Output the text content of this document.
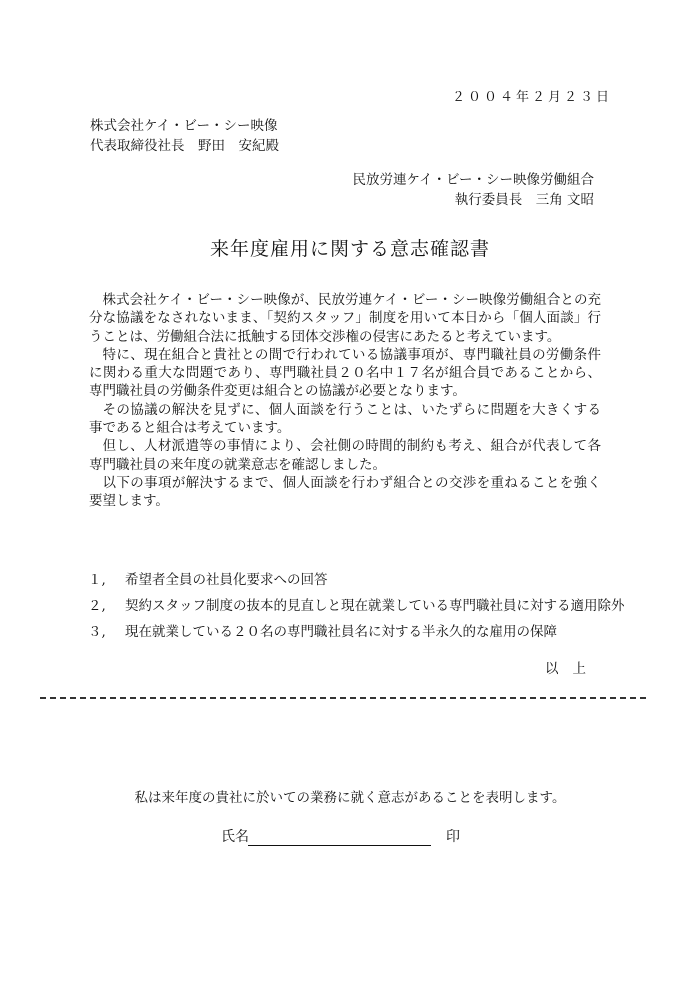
２００４年２月２３日
株式会社ケイ・ビー・シー映像
代表取締役社長　野田　安紀殿
民放労連ケイ・ビー・シー映像労働組合
執行委員長　三角 文昭
来年度雇用に関する意志確認書

株式会社ケイ・ビー・シー映像が、民放労連ケイ・ビー・シー映像労働組合との充分な協議をなされないまま、「契約スタッフ」制度を用いて本日から「個人面談」行うことは、労働組合法に抵触する団体交渉権の侵害にあたると考えています。

特に、現在組合と貴社との間で行われている協議事項が、専門職社員の労働条件に関わる重大な問題であり、専門職社員２０名中１７名が組合員であることから、専門職社員の労働条件変更は組合との協議が必要となります。

その協議の解決を見ずに、個人面談を行うことは、いたずらに問題を大きくする事であると組合は考えています。

但し、人材派遣等の事情により、会社側の時間的制約も考え、組合が代表して各専門職社員の来年度の就業意志を確認しました。

以下の事項が解決するまで、個人面談を行わず組合との交渉を重ねることを強く要望します。

１,	希望者全員の社員化要求への回答
２,	契約スタッフ制度の抜本的見直しと現在就業している専門職社員に対する適用除外
３,	現在就業している２０名の専門職社員名に対する半永久的な雇用の保障
以上
私は来年度の貴社に於いての業務に就く意志があることを表明します。
氏名	印
